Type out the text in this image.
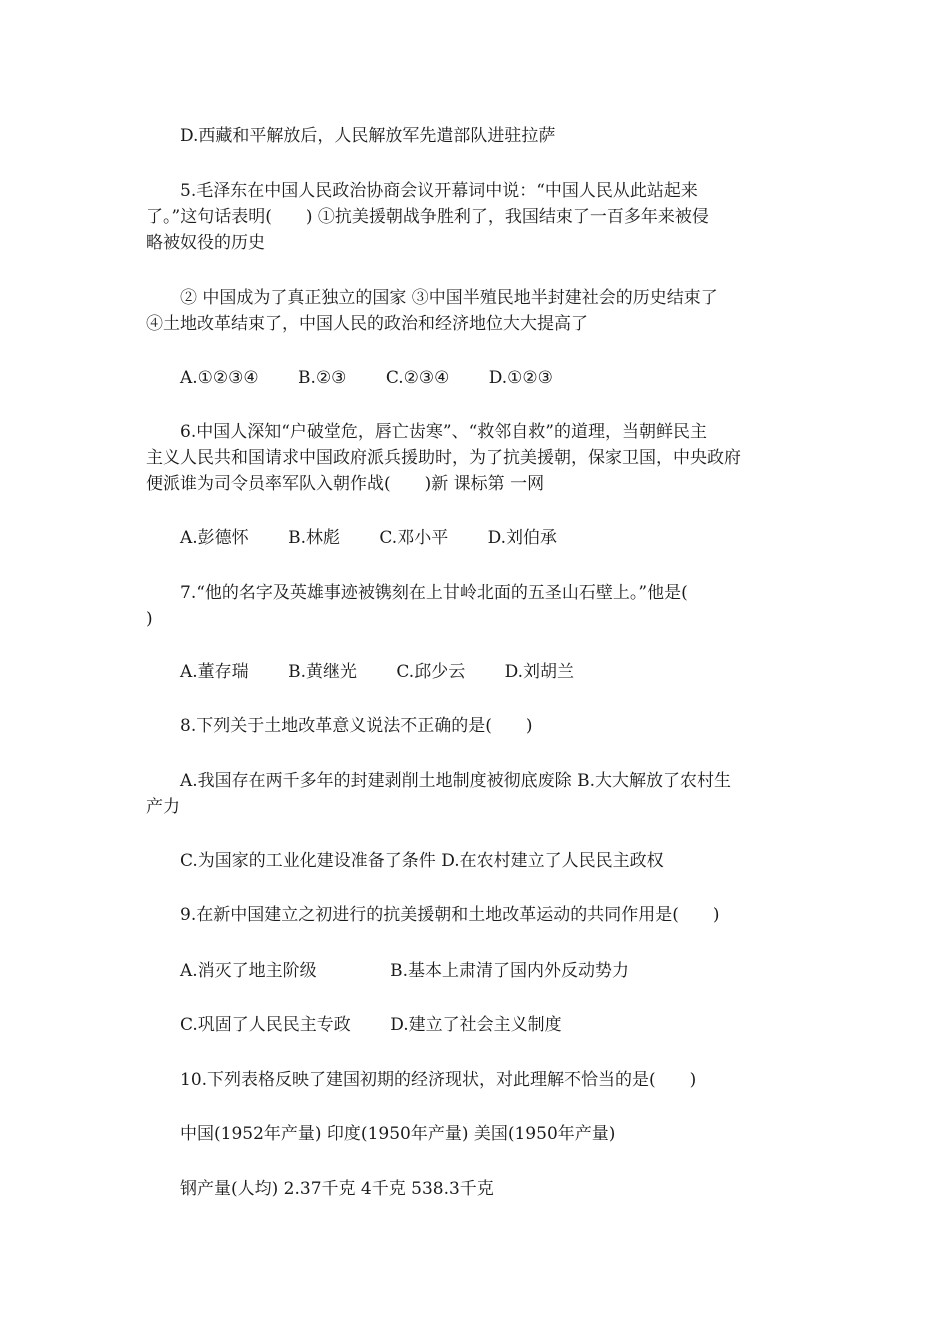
D.西藏和平解放后，人民解放军先遣部队进驻拉萨
5.毛泽东在中国人民政治协商会议开幕词中说：“中国人民从此站起来
了。”这句话表明(　　) ①抗美援朝战争胜利了，我国结束了一百多年来被侵
略被奴役的历史
② 中国成为了真正独立的国家 ③中国半殖民地半封建社会的历史结束了
④土地改革结束了，中国人民的政治和经济地位大大提高了
A.①②③④　　 B.②③　　 C.②③④　　 D.①②③
6.中国人深知“户破堂危，唇亡齿寒”、“救邻自救”的道理，当朝鲜民主
主义人民共和国请求中国政府派兵援助时，为了抗美援朝，保家卫国，中央政府
便派谁为司令员率军队入朝作战(　　)新 课标第 一网
A.彭德怀　　 B.林彪　　 C.邓小平　　 D.刘伯承
7.“他的名字及英雄事迹被镌刻在上甘岭北面的五圣山石壁上。”他是(
)
A.董存瑞　　 B.黄继光　　 C.邱少云　　 D.刘胡兰
8.下列关于土地改革意义说法不正确的是(　　)
A.我国存在两千多年的封建剥削土地制度被彻底废除 B.大大解放了农村生
产力
C.为国家的工业化建设准备了条件 D.在农村建立了人民民主政权
9.在新中国建立之初进行的抗美援朝和土地改革运动的共同作用是(　　)
A.消灭了地主阶级　　　　 B.基本上肃清了国内外反动势力
C.巩固了人民民主专政　　 D.建立了社会主义制度
10.下列表格反映了建国初期的经济现状，对此理解不恰当的是(　　)
中国(1952年产量) 印度(1950年产量) 美国(1950年产量)
钢产量(人均) 2.37千克 4千克 538.3千克
